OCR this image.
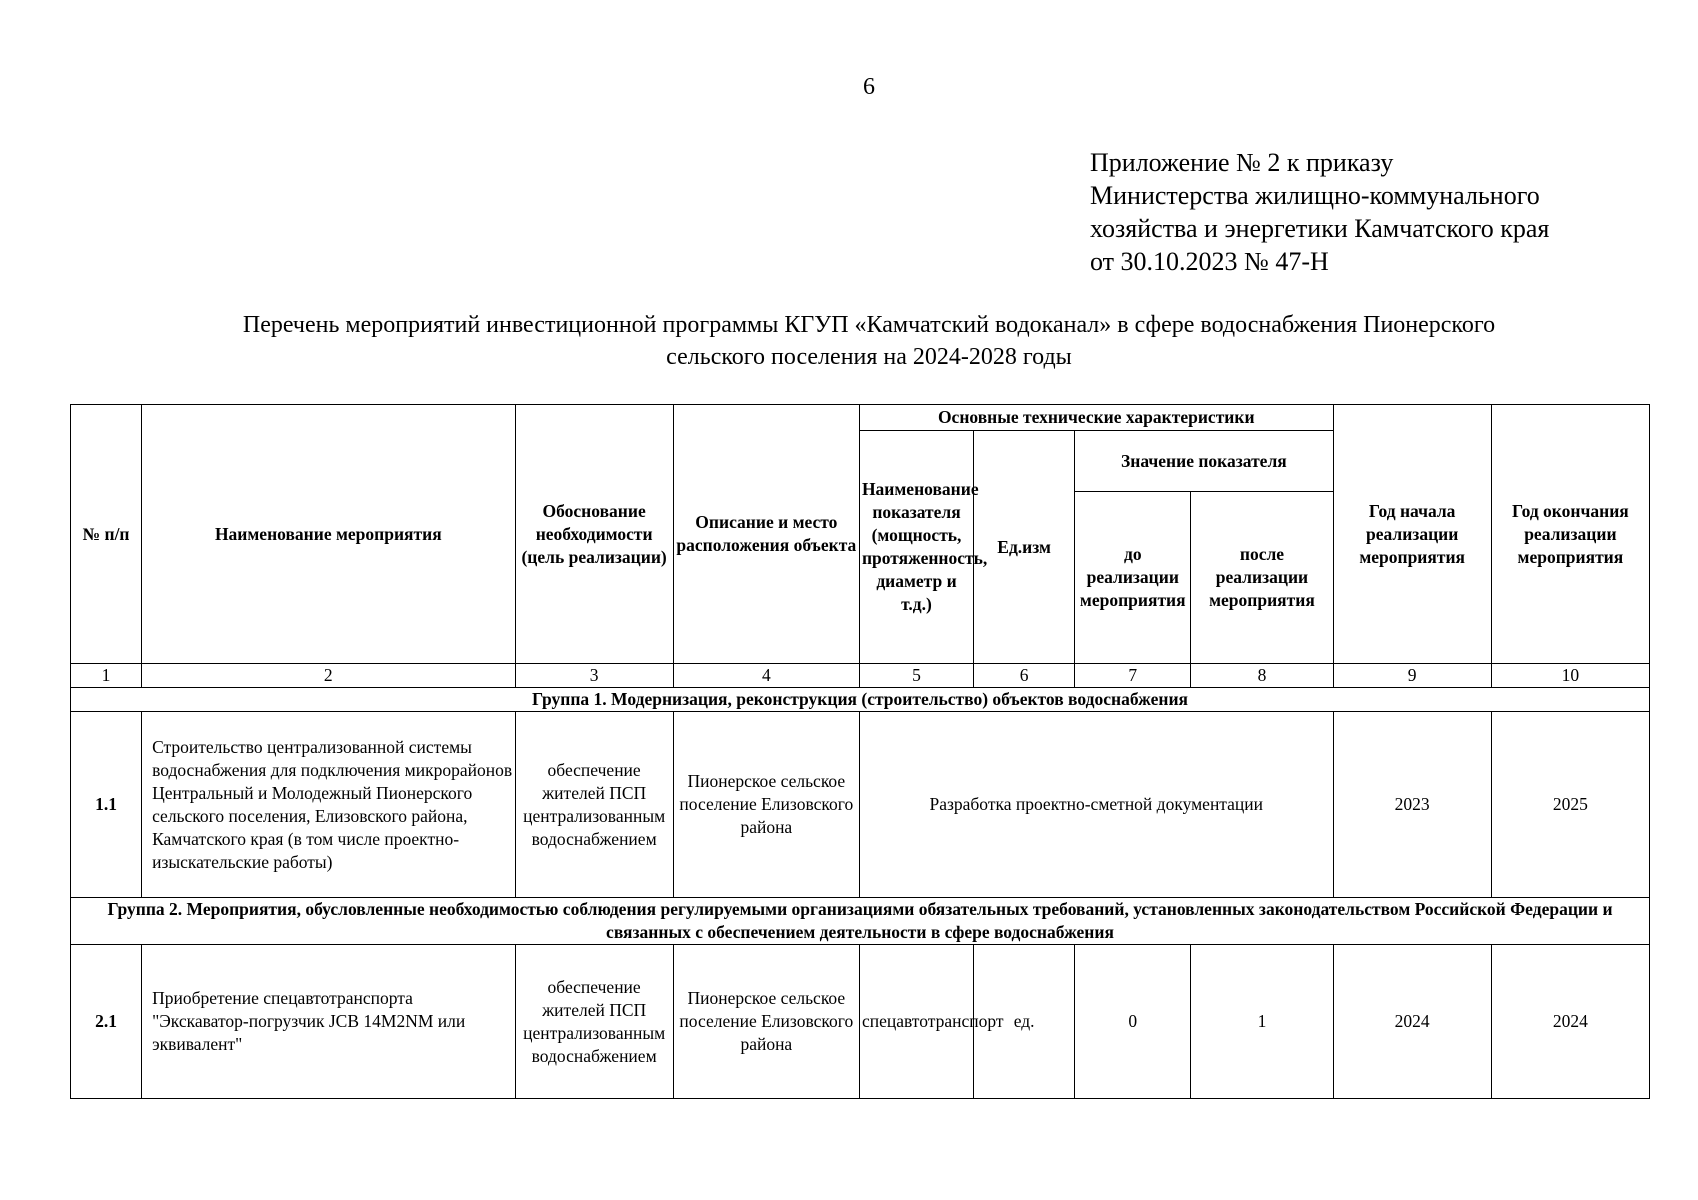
6
Приложение № 2 к приказу
Министерства жилищно-коммунального
хозяйства и энергетики Камчатского края
от 30.10.2023 № 47-Н
Перечень мероприятий инвестиционной программы КГУП «Камчатский водоканал» в сфере водоснабжения Пионерского
сельского поселения на 2024-2028 годы
№ п/п	Наименование мероприятия	Обоснование необходимости (цель реализации)	Описание и место расположения объекта	Основные технические характеристики				Год начала реализации мероприятия	Год окончания реализации мероприятия
				Наименование показателя (мощность, протяженность, диаметр и т.д.)	Ед.изм	Значение показателя			
						до реализации мероприятия	после реализации мероприятия		
1	2	3	4	5	6	7	8	9	10
Группа 1. Модернизация, реконструкция (строительство) объектов водоснабжения									
1.1	Строительство централизованной системы водоснабжения для подключения микрорайонов Центральный и Молодежный Пионерского сельского поселения, Елизовского района, Камчатского края (в том числе проектно-изыскательские работы)	обеспечение жителей ПСП централизованным водоснабжением	Пионерское сельское поселение Елизовского района	Разработка проектно-сметной документации				2023	2025
Группа 2. Мероприятия, обусловленные необходимостью соблюдения регулируемыми организациями обязательных требований, установленных законодательством Российской Федерации и связанных с обеспечением деятельности в сфере водоснабжения									
2.1	Приобретение спецавтотранспорта "Экскаватор-погрузчик JCB 14M2NM или эквивалент"	обеспечение жителей ПСП централизованным водоснабжением	Пионерское сельское поселение Елизовского района	спецавтотранспорт	ед.	0	1	2024	2024
